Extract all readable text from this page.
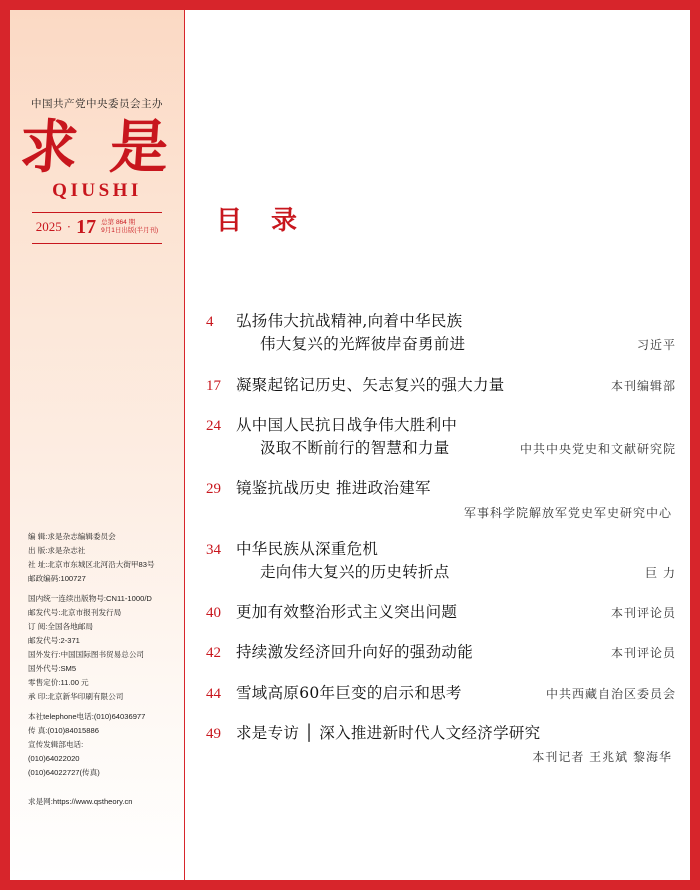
中国共产党中央委员会主办
求 是
QIUSHI
2025 · 17 总第 864 期
9月1日出版(半月刊)
编 辑:求是杂志编辑委员会
出 版:求是杂志社
社 址:北京市东城区北河沿大街甲83号
邮政编码:100727
国内统一连续出版物号:CN11-1000/D
邮发代号:北京市报刊发行局
订 阅:全国各地邮局
邮发代号:2-371
国外发行:中国国际图书贸易总公司
国外代号:SM5
零售定价:11.00 元
承 印:北京新华印刷有限公司
本社telephone电话:(010)64036977
传 真:(010)84015886
宣传发辑部电话:
(010)64022020
(010)64022727(传真)
求是网:https://www.qstheory.cn
目 录
4	弘扬伟大抗战精神,向着中华民族
伟大复兴的光辉彼岸奋勇前进	习近平
17 凝聚起铭记历史、矢志复兴的强大力量	本刊编辑部
24 从中国人民抗日战争伟大胜利中
汲取不断前行的智慧和力量	中共中央党史和文献研究院
29 镜鉴抗战历史 推进政治建军
军事科学院解放军党史军史研究中心
34 中华民族从深重危机
走向伟大复兴的历史转折点	巨 力
40 更加有效整治形式主义突出问题	本刊评论员
42 持续激发经济回升向好的强劲动能	本刊评论员
44 雪域高原60年巨变的启示和思考	中共西藏自治区委员会
49 求是专访 │ 深入推进新时代人文经济学研究
本刊记者 王兆斌 黎海华
